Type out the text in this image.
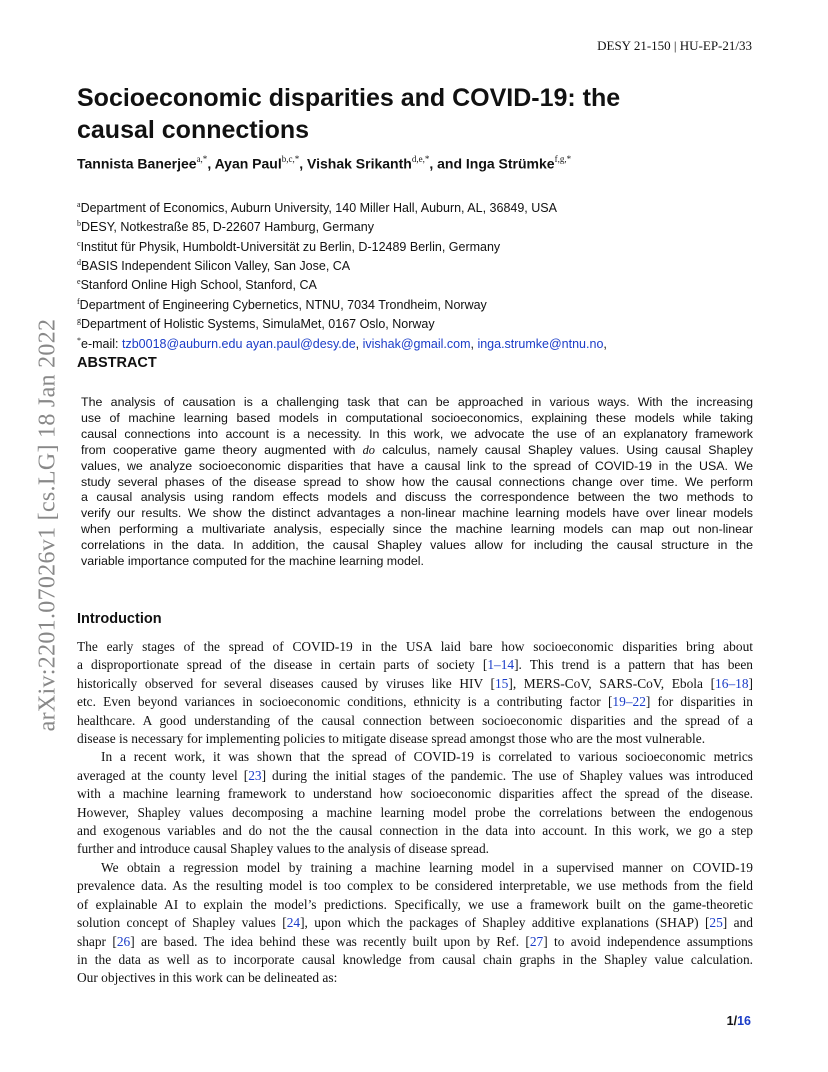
DESY 21-150 | HU-EP-21/33
arXiv:2201.07026v1 [cs.LG] 18 Jan 2022
Socioeconomic disparities and COVID-19: the
causal connections
Tannista Banerjee$^{a,*}$, Ayan Paul$^{b,c,*}$, Vishak Srikanth$^{d,e,*}$, and Inga Strümke$^{f,g,*}$
$^a$Department of Economics, Auburn University, 140 Miller Hall, Auburn, AL, 36849, USA
$^b$DESY, Notkestraße 85, D-22607 Hamburg, Germany
$^c$Institut für Physik, Humboldt-Universität zu Berlin, D-12489 Berlin, Germany
$^d$BASIS Independent Silicon Valley, San Jose, CA
$^e$Stanford Online High School, Stanford, CA
$^f$Department of Engineering Cybernetics, NTNU, 7034 Trondheim, Norway
$^g$Department of Holistic Systems, SimulaMet, 0167 Oslo, Norway
*e-mail: tzb0018@auburn.edu ayan.paul@desy.de, ivishak@gmail.com, inga.strumke@ntnu.no,
ABSTRACT
The analysis of causation is a challenging task that can be approached in various ways. With the increasing
use of machine learning based models in computational socioeconomics, explaining these models while taking
causal connections into account is a necessity. In this work, we advocate the use of an explanatory framework
from cooperative game theory augmented with do calculus, namely causal Shapley values. Using causal Shapley
values, we analyze socioeconomic disparities that have a causal link to the spread of COVID-19 in the USA. We
study several phases of the disease spread to show how the causal connections change over time. We perform
a causal analysis using random effects models and discuss the correspondence between the two methods to
verify our results. We show the distinct advantages a non-linear machine learning models have over linear models
when performing a multivariate analysis, especially since the machine learning models can map out non-linear
correlations in the data. In addition, the causal Shapley values allow for including the causal structure in the
variable importance computed for the machine learning model.
Introduction
The early stages of the spread of COVID-19 in the USA laid bare how socioeconomic disparities bring about
a disproportionate spread of the disease in certain parts of society [1–14]. This trend is a pattern that has been
historically observed for several diseases caused by viruses like HIV [15], MERS-CoV, SARS-CoV, Ebola [16–18]
etc. Even beyond variances in socioeconomic conditions, ethnicity is a contributing factor [19–22] for disparities in
healthcare. A good understanding of the causal connection between socioeconomic disparities and the spread of a
disease is necessary for implementing policies to mitigate disease spread amongst those who are the most vulnerable.
In a recent work, it was shown that the spread of COVID-19 is correlated to various socioeconomic metrics
averaged at the county level [23] during the initial stages of the pandemic. The use of Shapley values was introduced
with a machine learning framework to understand how socioeconomic disparities affect the spread of the disease.
However, Shapley values decomposing a machine learning model probe the correlations between the endogenous
and exogenous variables and do not the the causal connection in the data into account. In this work, we go a step
further and introduce causal Shapley values to the analysis of disease spread.
We obtain a regression model by training a machine learning model in a supervised manner on COVID-19
prevalence data. As the resulting model is too complex to be considered interpretable, we use methods from the field
of explainable AI to explain the model’s predictions. Specifically, we use a framework built on the game-theoretic
solution concept of Shapley values [24], upon which the packages of Shapley additive explanations (SHAP) [25] and
shapr [26] are based. The idea behind these was recently built upon by Ref. [27] to avoid independence assumptions
in the data as well as to incorporate causal knowledge from causal chain graphs in the Shapley value calculation.
Our objectives in this work can be delineated as:
1/16
